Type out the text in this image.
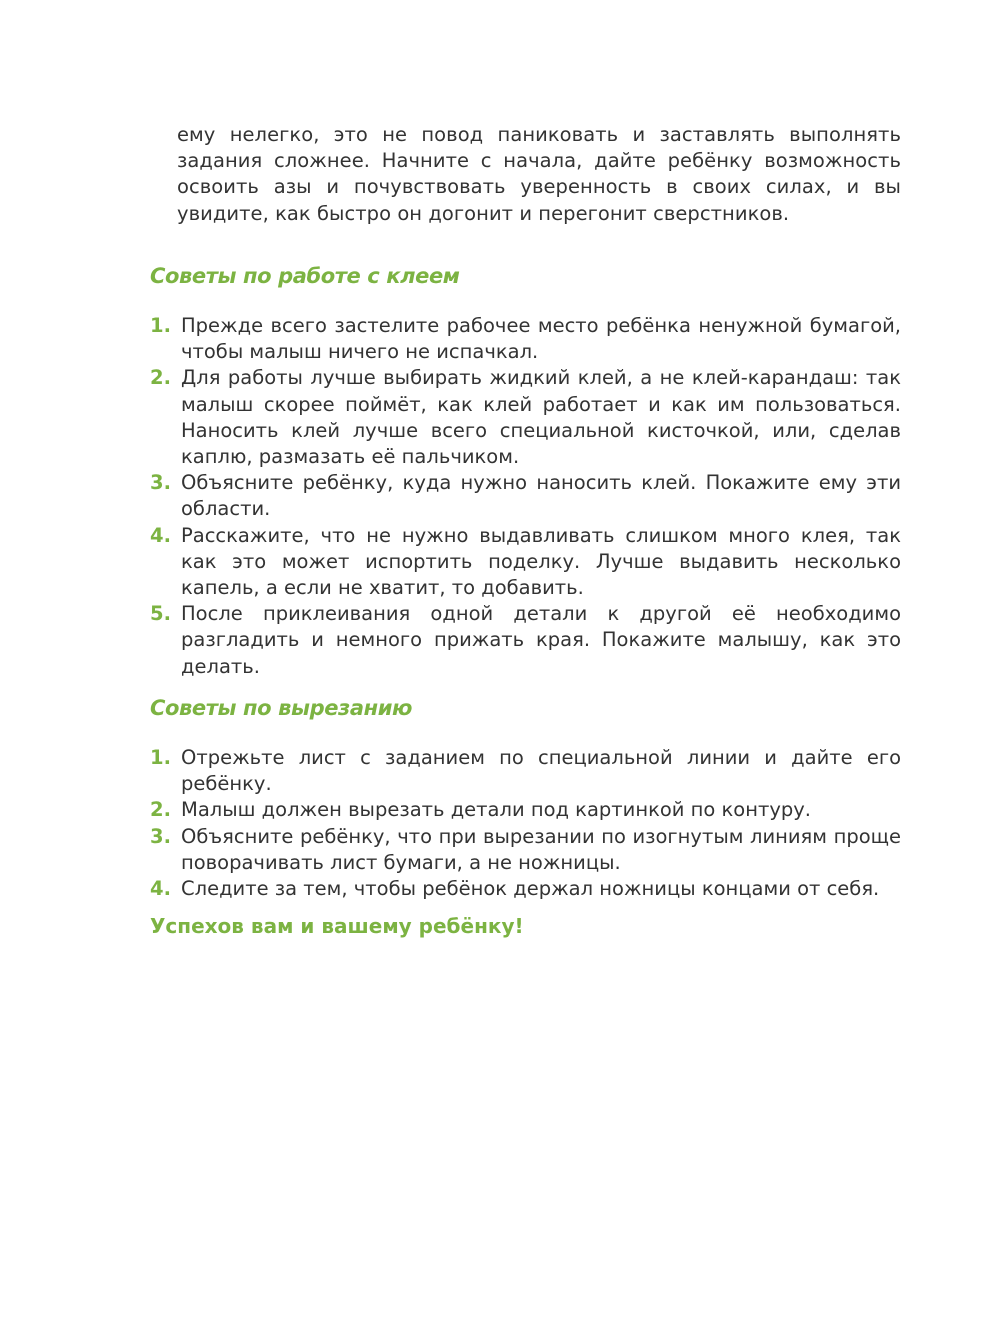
ему нелегко, это не повод паниковать и заставлять выполнять задания сложнее. Начните с начала, дайте ребёнку возможность освоить азы и почувствовать уверенность в своих силах, и вы увидите, как быстро он догонит и перегонит сверстников.

Советы по работе с клеем
1. Прежде всего застелите рабочее место ребёнка ненужной бумагой, чтобы малыш ничего не испачкал.
2. Для работы лучше выбирать жидкий клей, а не клей-карандаш: так малыш скорее поймёт, как клей работает и как им пользоваться. Наносить клей лучше всего специальной кисточкой, или, сделав каплю, размазать её пальчиком.
3. Объясните ребёнку, куда нужно наносить клей. Покажите ему эти области.
4. Расскажите, что не нужно выдавливать слишком много клея, так как это может испортить поделку. Лучше выдавить несколько капель, а если не хватит, то добавить.
5. После приклеивания одной детали к другой её необходимо разгладить и немного прижать края. Покажите малышу, как это делать.
Советы по вырезанию
1. Отрежьте лист с заданием по специальной линии и дайте его ребёнку.
2. Малыш должен вырезать детали под картинкой по контуру.
3. Объясните ребёнку, что при вырезании по изогнутым линиям проще поворачивать лист бумаги, а не ножницы.
4. Следите за тем, чтобы ребёнок держал ножницы концами от себя.

Успехов вам и вашему ребёнку!
